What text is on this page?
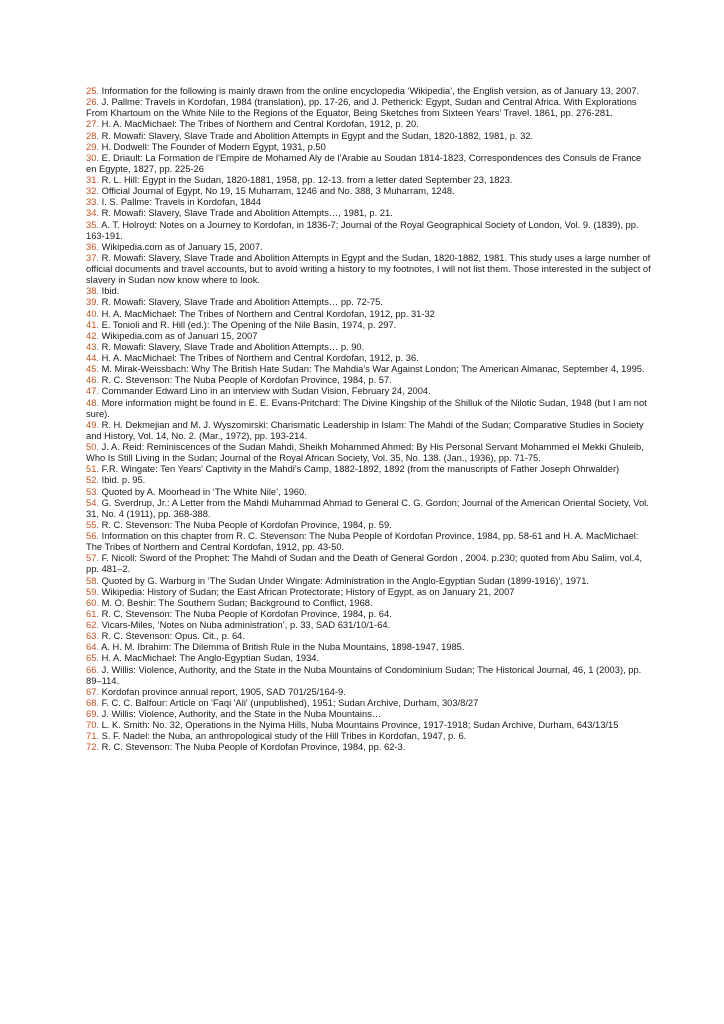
25. Information for the following is mainly drawn from the online encyclopedia ‘Wikipedia’, the English version, as of January 13, 2007.

26. J. Pallme: Travels in Kordofan, 1984 (translation), pp. 17-26, and J. Petherick: Egypt, Sudan and Central Africa. With Explorations From Khartoum on the White Nile to the Regions of the Equator, Being Sketches from Sixteen Years’ Travel. 1861, pp. 276-281.

27. H. A. MacMichael: The Tribes of Northern and Central Kordofan, 1912, p. 20.

28. R. Mowafi: Slavery, Slave Trade and Abolition Attempts in Egypt and the Sudan, 1820-1882, 1981, p. 32.

29. H. Dodwell: The Founder of Modern Egypt, 1931, p.50

30. E. Driault: La Formation de l’Empire de Mohamed Aly de l’Arabie au Soudan 1814-1823, Correspondences des Consuls de France en Egypte, 1827, pp. 225-26

31. R. L. Hill: Egypt in the Sudan, 1820-1881, 1958, pp. 12-13. from a letter dated September 23, 1823.

32. Official Journal of Egypt, No 19, 15 Muharram, 1246 and No. 388, 3 Muharram, 1248.

33. I. S. Pallme: Travels in Kordofan, 1844

34. R. Mowafi: Slavery, Slave Trade and Abolition Attempts…, 1981, p. 21.

35. A. T. Holroyd: Notes on a Journey to Kordofan, in 1836-7; Journal of the Royal Geographical Society of London, Vol. 9. (1839), pp. 163-191.

36. Wikipedia.com as of January 15, 2007.

37. R. Mowafi: Slavery, Slave Trade and Abolition Attempts in Egypt and the Sudan, 1820-1882, 1981. This study uses a large number of official documents and travel accounts, but to avoid writing a history to my footnotes, I will not list them. Those interested in the subject of slavery in Sudan now know where to look.

38. Ibid.

39. R. Mowafi: Slavery, Slave Trade and Abolition Attempts… pp. 72-75.

40. H. A. MacMichael: The Tribes of Northern and Central Kordofan, 1912, pp. 31-32

41. E. Tonioli and R. Hill (ed.): The Opening of the Nile Basin, 1974, p. 297.

42. Wikipedia.com as of Januari 15, 2007

43. R. Mowafi: Slavery, Slave Trade and Abolition Attempts… p. 90.

44. H. A. MacMichael: The Tribes of Northern and Central Kordofan, 1912, p. 36.

45. M. Mirak-Weissbach: Why The British Hate Sudan: The Mahdia's War Against London; The American Almanac, September 4, 1995.

46. R. C. Stevenson: The Nuba People of Kordofan Province, 1984, p. 57.

47. Commander Edward Lino in an interview with Sudan Vision, February 24, 2004.

48. More information might be found in E. E. Evans-Pritchard: The Divine Kingship of the Shilluk of the Nilotic Sudan, 1948 (but I am not sure).

49. R. H. Dekmejian and M. J. Wyszomirski: Charismatic Leadership in Islam: The Mahdi of the Sudan; Comparative Studies in Society and History, Vol. 14, No. 2. (Mar., 1972), pp. 193-214.

50. J. A. Reid: Reminiscences of the Sudan Mahdi, Sheikh Mohammed Ahmed: By His Personal Servant Mohammed el Mekki Ghuleib, Who Is Still Living in the Sudan; Journal of the Royal African Society, Vol. 35, No. 138. (Jan., 1936), pp. 71-75.

51. F.R. Wingate: Ten Years' Captivity in the Mahdi's Camp, 1882-1892, 1892 (from the manuscripts of Father Joseph Ohrwalder)

52. Ibid. p. 95.

53. Quoted by A. Moorhead in ‘The White Nile’, 1960.

54. G. Sverdrup, Jr.: A Letter from the Mahdi Muhammad Ahmad to General C. G. Gordon; Journal of the American Oriental Society, Vol. 31, No. 4 (1911), pp. 368-388.

55. R. C. Stevenson: The Nuba People of Kordofan Province, 1984, p. 59.

56. Information on this chapter from R. C. Stevenson: The Nuba People of Kordofan Province, 1984, pp. 58-61 and H. A. MacMichael: The Tribes of Northern and Central Kordofan, 1912, pp. 43-50.

57. F. Nicoll: Sword of the Prophet: The Mahdi of Sudan and the Death of General Gordon , 2004. p.230; quoted from Abu Salim, vol.4, pp. 481–2.

58. Quoted by G. Warburg in ‘The Sudan Under Wingate: Administration in the Anglo-Egyptian Sudan (1899-1916)’, 1971.

59. Wikipedia: History of Sudan; the East African Protectorate; History of Egypt, as on January 21, 2007

60. M. O. Beshir: The Southern Sudan; Background to Conflict, 1968.

61. R. C. Stevenson: The Nuba People of Kordofan Province, 1984, p. 64.

62. Vicars-Miles, ‘Notes on Nuba administration’, p. 33, SAD 631/10/1-64.

63. R. C. Stevenson: Opus. Cit., p. 64.

64. A. H. M. Ibrahim: The Dilemma of British Rule in the Nuba Mountains, 1898-1947, 1985.

65. H. A. MacMichael: The Anglo-Egyptian Sudan, 1934.

66. J. Willis: Violence, Authority, and the State in the Nuba Mountains of Condominium Sudan; The Historical Journal, 46, 1 (2003), pp. 89–114.

67. Kordofan province annual report, 1905, SAD 701/25/164-9.

68. F. C. C. Balfour: Article on 'Faqi 'Ali' (unpublished), 1951; Sudan Archive, Durham, 303/8/27

69. J. Willis: Violence, Authority, and the State in the Nuba Mountains…

70. L. K. Smith: No. 32, Operations in the Nyima Hills, Nuba Mountains Province, 1917-1918; Sudan Archive, Durham, 643/13/15

71. S. F. Nadel: the Nuba, an anthropological study of the Hill Tribes in Kordofan, 1947, p. 6.

72. R. C. Stevenson: The Nuba People of Kordofan Province, 1984, pp. 62-3.
